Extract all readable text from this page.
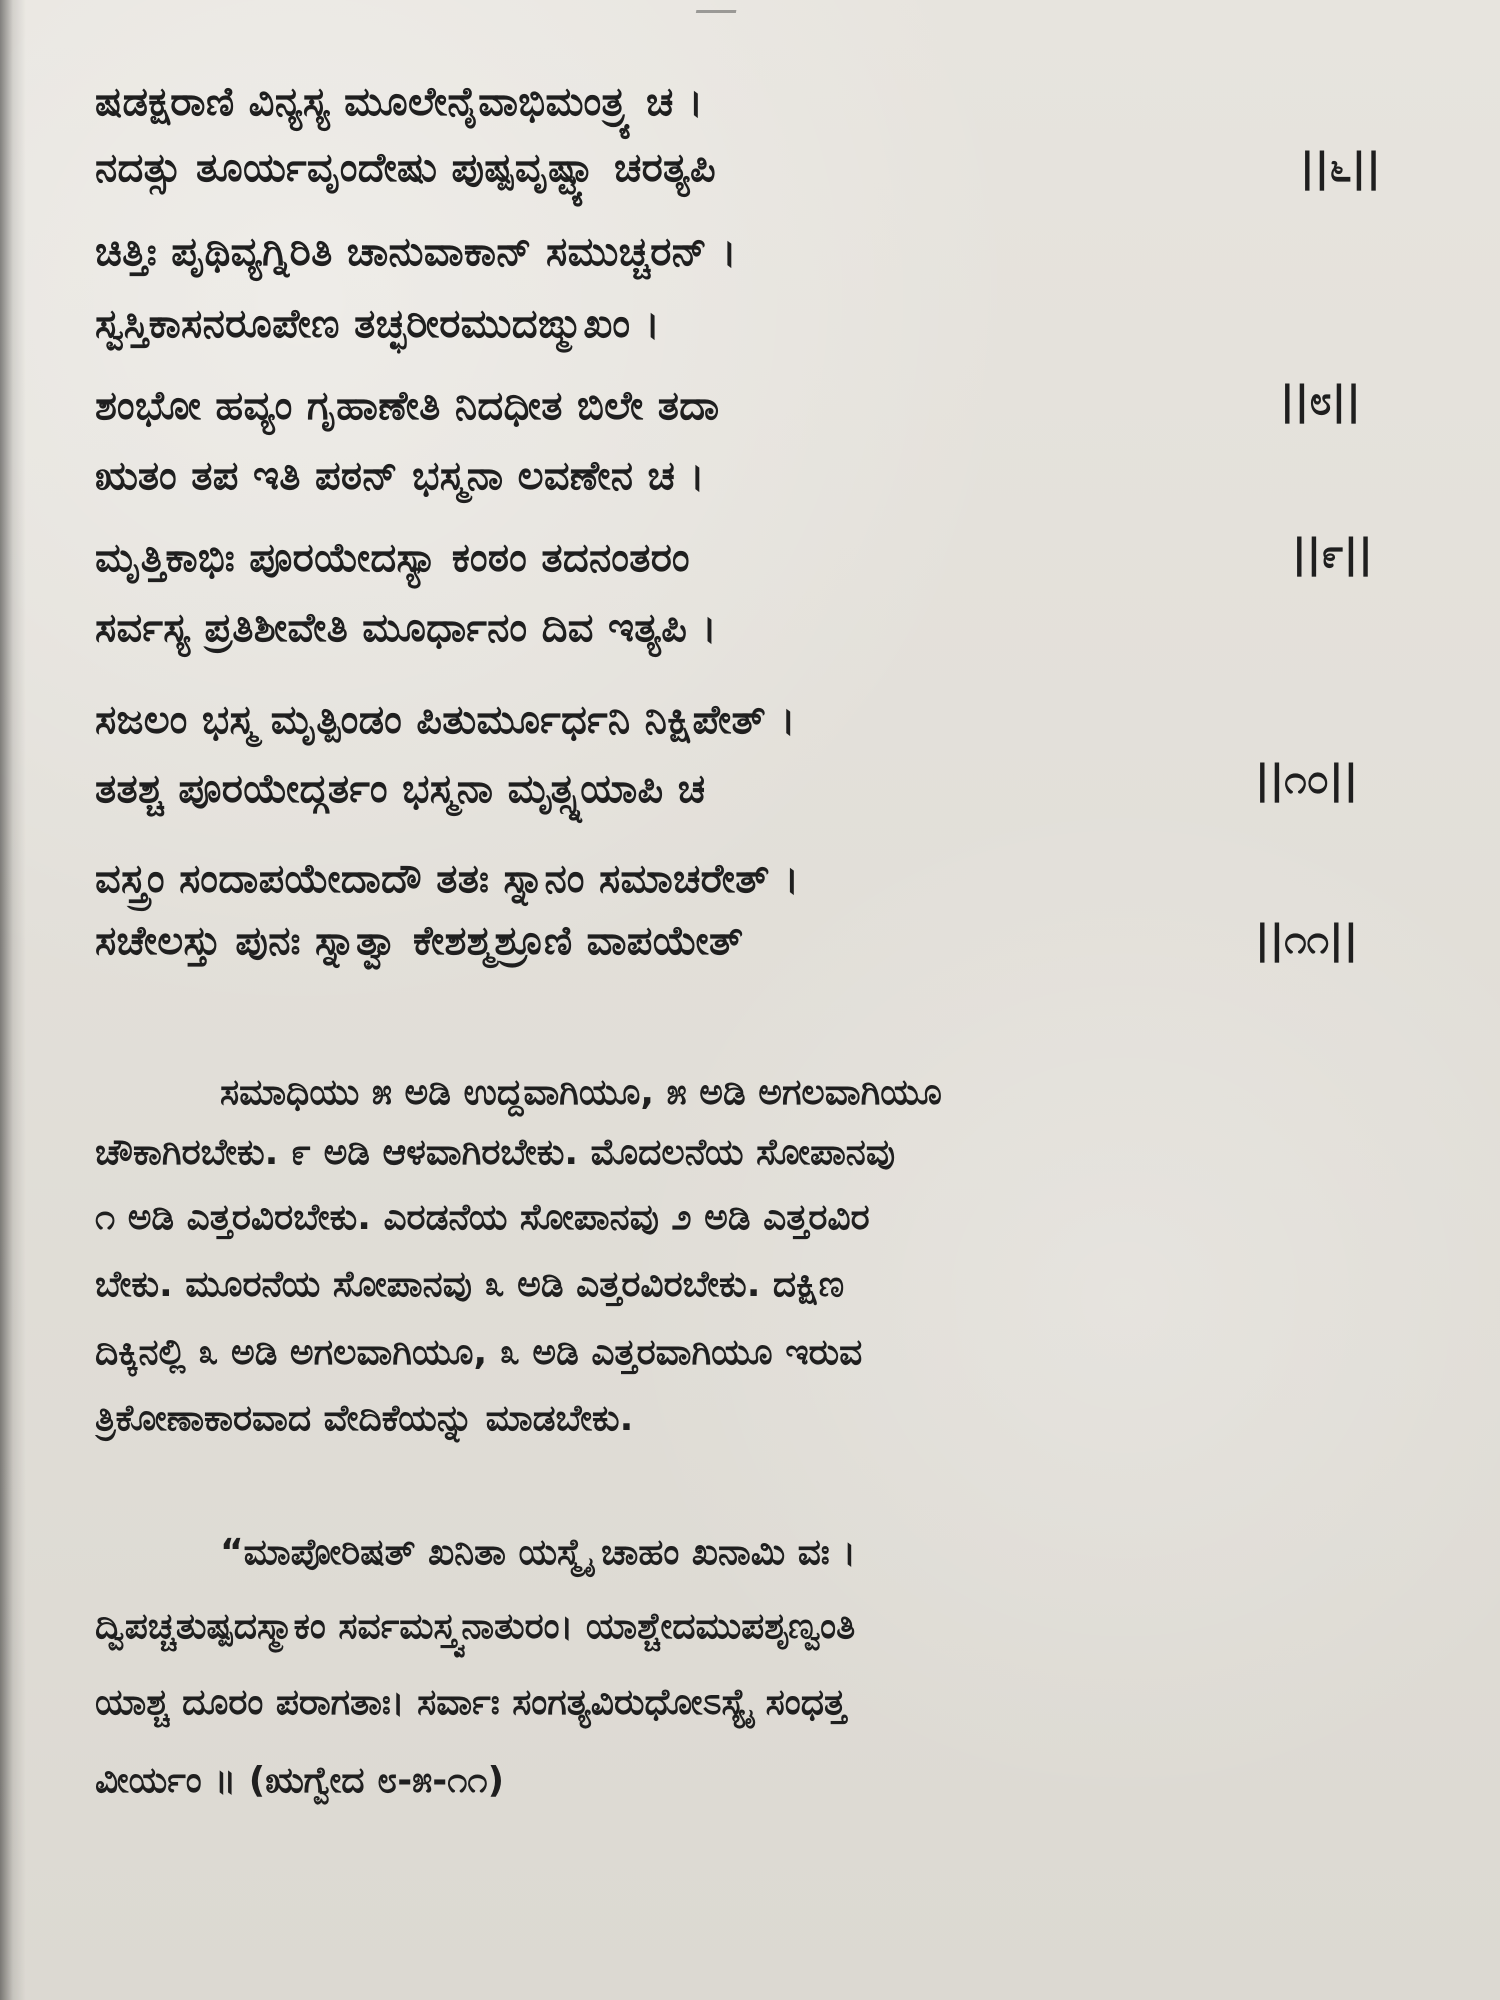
ಷಡಕ್ಷರಾಣಿ ವಿನ್ಯಸ್ಯ ಮೂಲೇನೈವಾಭಿಮಂತ್ರ್ಯ ಚ ।
ನದತ್ಸು ತೂರ್ಯವೃಂದೇಷು ಪುಷ್ಪವೃಷ್ಟ್ಯಾ ಚರತ್ಯಪಿ	||೬||
ಚಿತ್ತಿಃ ಪೃಥಿವ್ಯಗ್ನಿರಿತಿ ಚಾನುವಾಕಾನ್ ಸಮುಚ್ಚರನ್ ।
ಸ್ವಸ್ತಿಕಾಸನರೂಪೇಣ ತಚ್ಛರೀರಮುದಙ್ಮುಖಂ ।
ಶಂಭೋ ಹವ್ಯಂ ಗೃಹಾಣೇತಿ ನಿದಧೀತ ಬಿಲೇ ತದಾ
ಋತಂ ತಪ ಇತಿ ಪಠನ್ ಭಸ್ಮನಾ ಲವಣೇನ ಚ ।
||೮||
ಮೃತ್ತಿಕಾಭಿಃ ಪೂರಯೇದಸ್ಯಾ ಕಂಠಂ ತದನಂತರಂ
ಸರ್ವಸ್ಯ ಪ್ರತಿಶೀವೇತಿ ಮೂರ್ಧಾನಂ ದಿವ ಇತ್ಯಪಿ ।
||೯||
ಸಜಲಂ ಭಸ್ಮ ಮೃತ್ಪಿಂಡಂ ಪಿತುರ್ಮೂರ್ಧನಿ ನಿಕ್ಷಿಪೇತ್ ।
ತತಶ್ಚ ಪೂರಯೇದ್ಗರ್ತಂ ಭಸ್ಮನಾ ಮೃತ್ಸ್ನಯಾಪಿ ಚ	||೧೦||
ವಸ್ತ್ರಂ ಸಂದಾಪಯೇದಾದೌ ತತಃ ಸ್ನಾನಂ ಸಮಾಚರೇತ್ ।
ಸಚೇಲಸ್ತು ಪುನಃ ಸ್ನಾತ್ವಾ ಕೇಶಶ್ಮಶ್ರೂಣಿ ವಾಪಯೇತ್	||೧೧||
ಸಮಾಧಿಯು ೫ ಅಡಿ ಉದ್ದವಾಗಿಯೂ, ೫ ಅಡಿ ಅಗಲವಾಗಿಯೂ
ಚೌಕಾಗಿರಬೇಕು. ೯ ಅಡಿ ಆಳವಾಗಿರಬೇಕು. ಮೊದಲನೆಯ ಸೋಪಾನವು
೧ ಅಡಿ ಎತ್ತರವಿರಬೇಕು. ಎರಡನೆಯ ಸೋಪಾನವು ೨ ಅಡಿ ಎತ್ತರವಿರ
ಬೇಕು. ಮೂರನೆಯ ಸೋಪಾನವು ೩ ಅಡಿ ಎತ್ತರವಿರಬೇಕು. ದಕ್ಷಿಣ
ದಿಕ್ಕಿನಲ್ಲಿ ೩ ಅಡಿ ಅಗಲವಾಗಿಯೂ, ೩ ಅಡಿ ಎತ್ತರವಾಗಿಯೂ ಇರುವ
ತ್ರಿಕೋಣಾಕಾರವಾದ ವೇದಿಕೆಯನ್ನು ಮಾಡಬೇಕು.
“ಮಾಪೋರಿಷತ್ ಖನಿತಾ ಯಸ್ಮೈ ಚಾಹಂ ಖನಾಮಿ ವಃ ।
ದ್ವಿಪಚ್ಚತುಷ್ಪದಸ್ಮಾಕಂ ಸರ್ವಮಸ್ತ್ವನಾತುರಂ। ಯಾಶ್ಚೇದಮುಪಶೃಣ್ವಂತಿ
ಯಾಶ್ಚ ದೂರಂ ಪರಾಗತಾಃ। ಸರ್ವಾಃ ಸಂಗತ್ಯವಿರುಧೋಽಸ್ಯೈ ಸಂಧತ್ತ
ವೀರ್ಯಂ ॥ (ಋಗ್ವೇದ ೮-೫-೧೧)
